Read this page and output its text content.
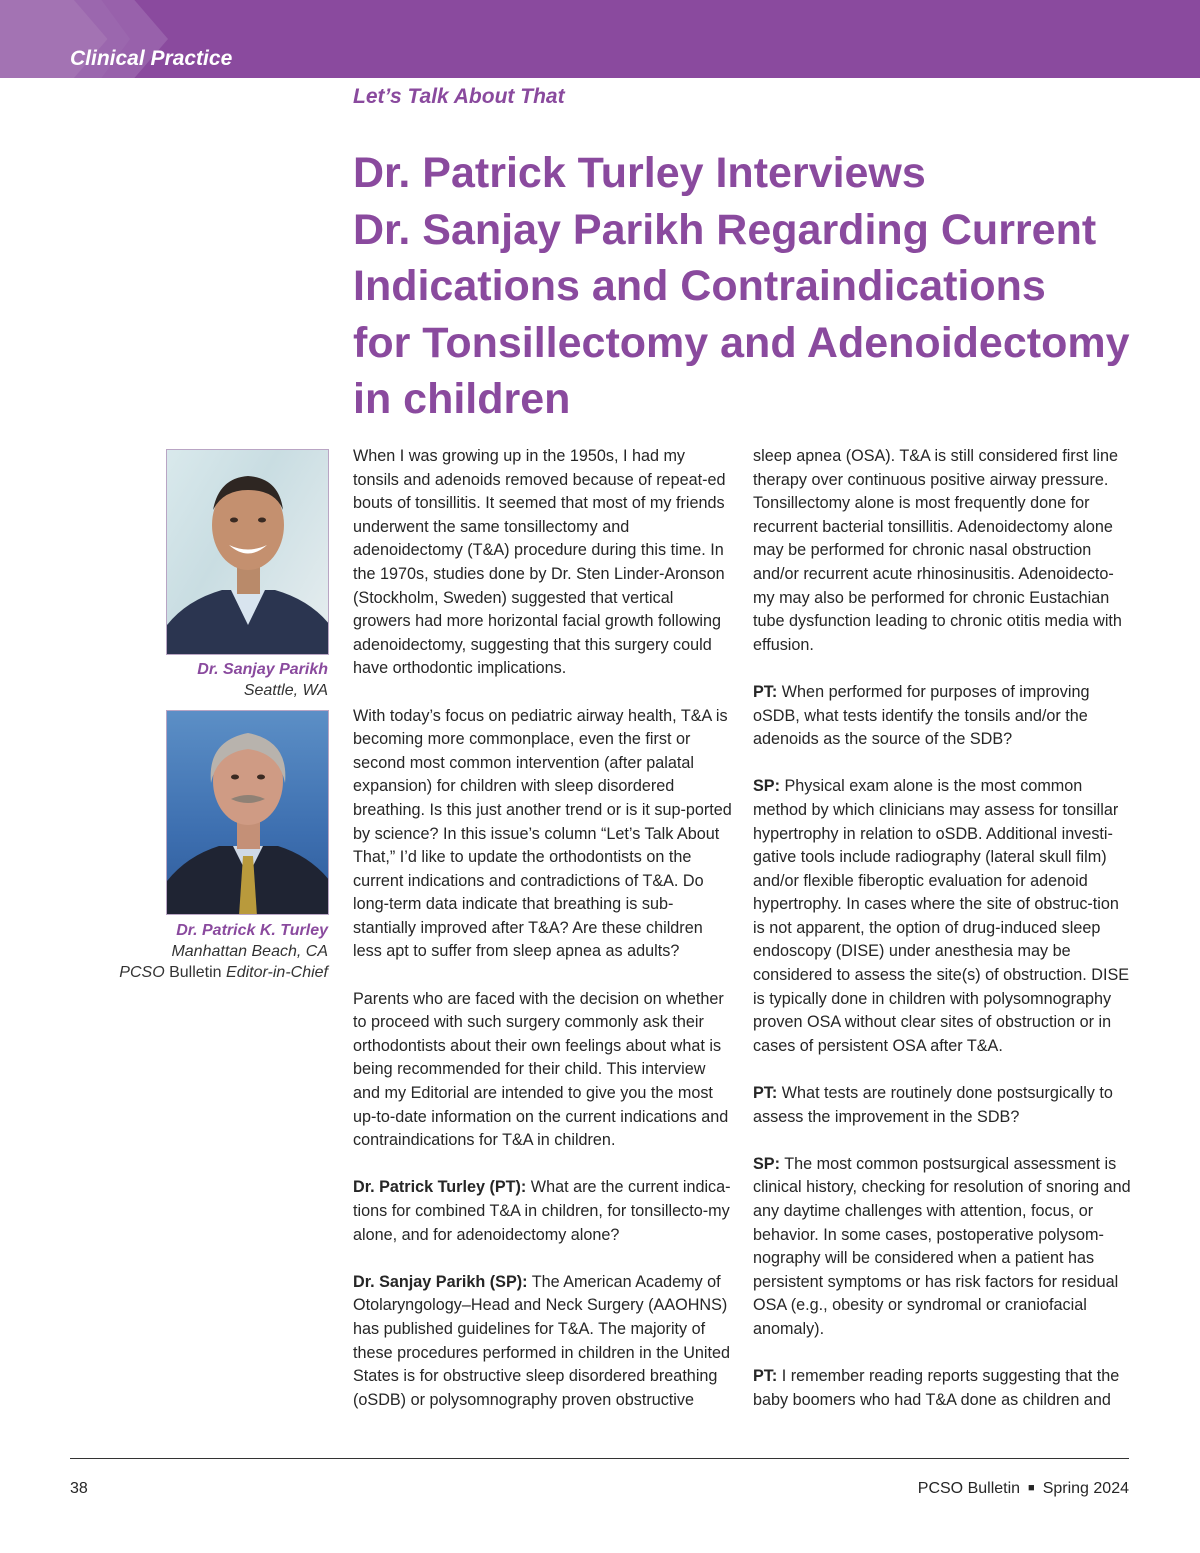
Clinical Practice
Let’s Talk About That
Dr. Patrick Turley Interviews
Dr. Sanjay Parikh Regarding Current
Indications and Contraindications
for Tonsillectomy and Adenoidectomy
in children
Dr. Sanjay Parikh
Seattle, WA
Dr. Patrick K. Turley
Manhattan Beach, CA
PCSO Bulletin Editor-in-Chief

When I was growing up in the 1950s, I had my tonsils and adenoids removed because of repeat-ed bouts of tonsillitis. It seemed that most of my friends underwent the same tonsillectomy and adenoidectomy (T&A) procedure during this time. In the 1970s, studies done by Dr. Sten Linder-Aronson (Stockholm, Sweden) suggested that vertical growers had more horizontal facial growth following adenoidectomy, suggesting that this surgery could have orthodontic implications.

With today’s focus on pediatric airway health, T&A is becoming more commonplace, even the first or second most common intervention (after palatal expansion) for children with sleep disordered breathing. Is this just another trend or is it sup-ported by science? In this issue’s column “Let’s Talk About That,” I’d like to update the orthodontists on the current indications and contradictions of T&A. Do long-term data indicate that breathing is sub-stantially improved after T&A? Are these children less apt to suffer from sleep apnea as adults?

Parents who are faced with the decision on whether to proceed with such surgery commonly ask their orthodontists about their own feelings about what is being recommended for their child. This interview and my Editorial are intended to give you the most up-to-date information on the current indications and contraindications for T&A in children.

Dr. Patrick Turley (PT): What are the current indica-tions for combined T&A in children, for tonsillecto-my alone, and for adenoidectomy alone?

Dr. Sanjay Parikh (SP): The American Academy of Otolaryngology–Head and Neck Surgery (AAOHNS) has published guidelines for T&A. The majority of these procedures performed in children in the United States is for obstructive sleep disordered breathing (oSDB) or polysomnography proven obstructive

sleep apnea (OSA). T&A is still considered first line therapy over continuous positive airway pressure. Tonsillectomy alone is most frequently done for recurrent bacterial tonsillitis. Adenoidectomy alone may be performed for chronic nasal obstruction and/or recurrent acute rhinosinusitis. Adenoidecto-my may also be performed for chronic Eustachian tube dysfunction leading to chronic otitis media with effusion.

PT: When performed for purposes of improving oSDB, what tests identify the tonsils and/or the adenoids as the source of the SDB?

SP: Physical exam alone is the most common method by which clinicians may assess for tonsillar hypertrophy in relation to oSDB. Additional investi-gative tools include radiography (lateral skull film) and/or flexible fiberoptic evaluation for adenoid hypertrophy. In cases where the site of obstruc-tion is not apparent, the option of drug-induced sleep endoscopy (DISE) under anesthesia may be considered to assess the site(s) of obstruction. DISE is typically done in children with polysomnography proven OSA without clear sites of obstruction or in cases of persistent OSA after T&A.

PT: What tests are routinely done postsurgically to assess the improvement in the SDB?

SP: The most common postsurgical assessment is clinical history, checking for resolution of snoring and any daytime challenges with attention, focus, or behavior. In some cases, postoperative polysom-nography will be considered when a patient has persistent symptoms or has risk factors for residual OSA (e.g., obesity or syndromal or craniofacial anomaly).

PT: I remember reading reports suggesting that the baby boomers who had T&A done as children and

38	PCSO Bulletin ■ Spring 2024
